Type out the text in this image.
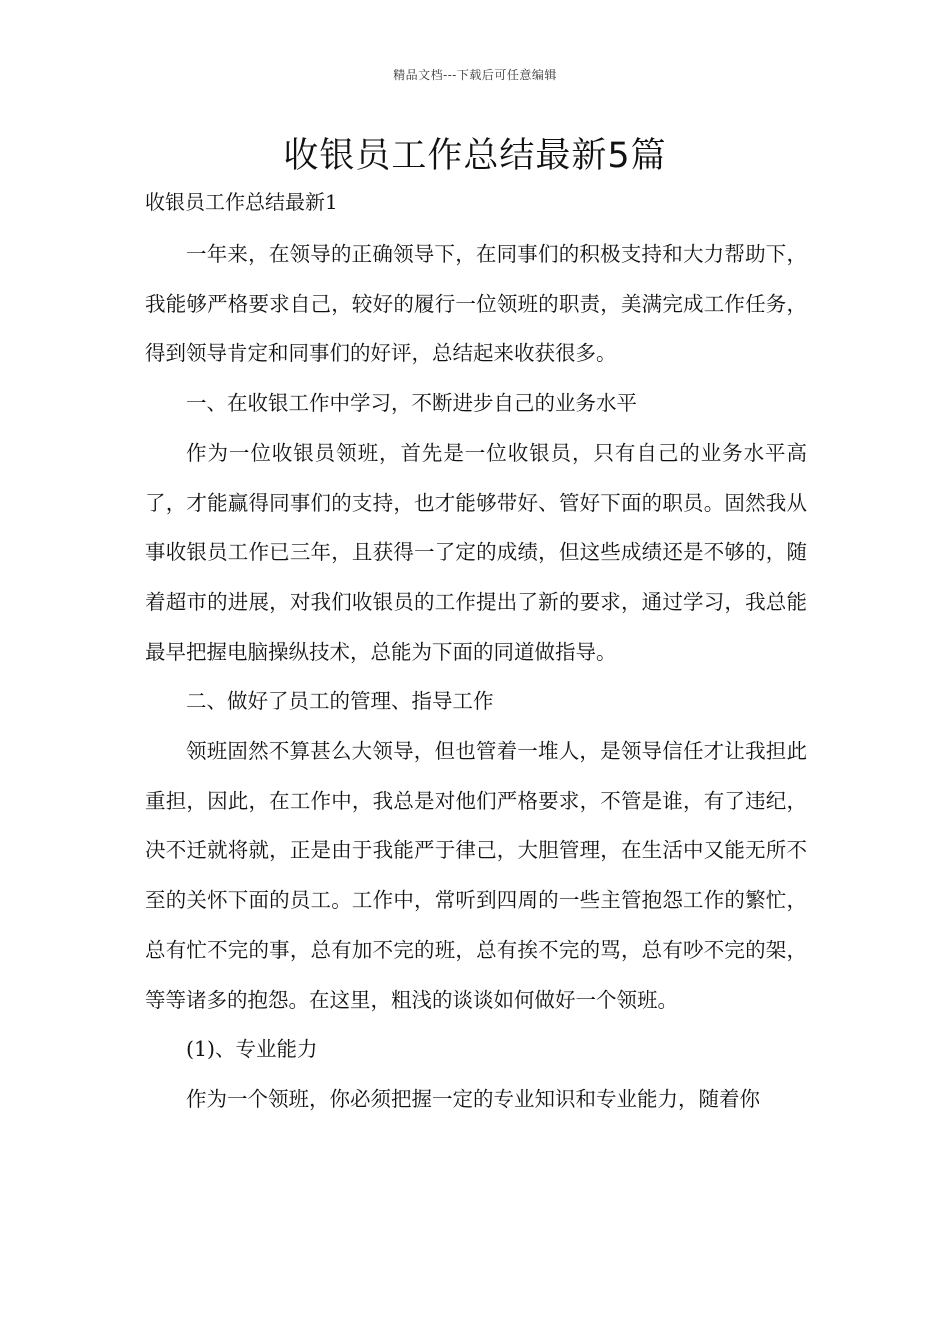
精品文档---下载后可任意编辑
收银员工作总结最新5篇

收银员工作总结最新1

一年来，在领导的正确领导下，在同事们的积极支持和大力帮助下，我能够严格要求自己，较好的履行一位领班的职责，美满完成工作任务，得到领导肯定和同事们的好评，总结起来收获很多。

一、在收银工作中学习，不断进步自己的业务水平

作为一位收银员领班，首先是一位收银员，只有自己的业务水平高了，才能赢得同事们的支持，也才能够带好、管好下面的职员。固然我从事收银员工作已三年，且获得一了定的成绩，但这些成绩还是不够的，随着超市的进展，对我们收银员的工作提出了新的要求，通过学习，我总能最早把握电脑操纵技术，总能为下面的同道做指导。

二、做好了员工的管理、指导工作

领班固然不算甚么大领导，但也管着一堆人，是领导信任才让我担此重担，因此，在工作中，我总是对他们严格要求，不管是谁，有了违纪，决不迁就将就，正是由于我能严于律己，大胆管理，在生活中又能无所不至的关怀下面的员工。工作中，常听到四周的一些主管抱怨工作的繁忙，总有忙不完的事，总有加不完的班，总有挨不完的骂，总有吵不完的架，等等诸多的抱怨。在这里，粗浅的谈谈如何做好一个领班。

(1)、专业能力

作为一个领班，你必须把握一定的专业知识和专业能力，随着你
